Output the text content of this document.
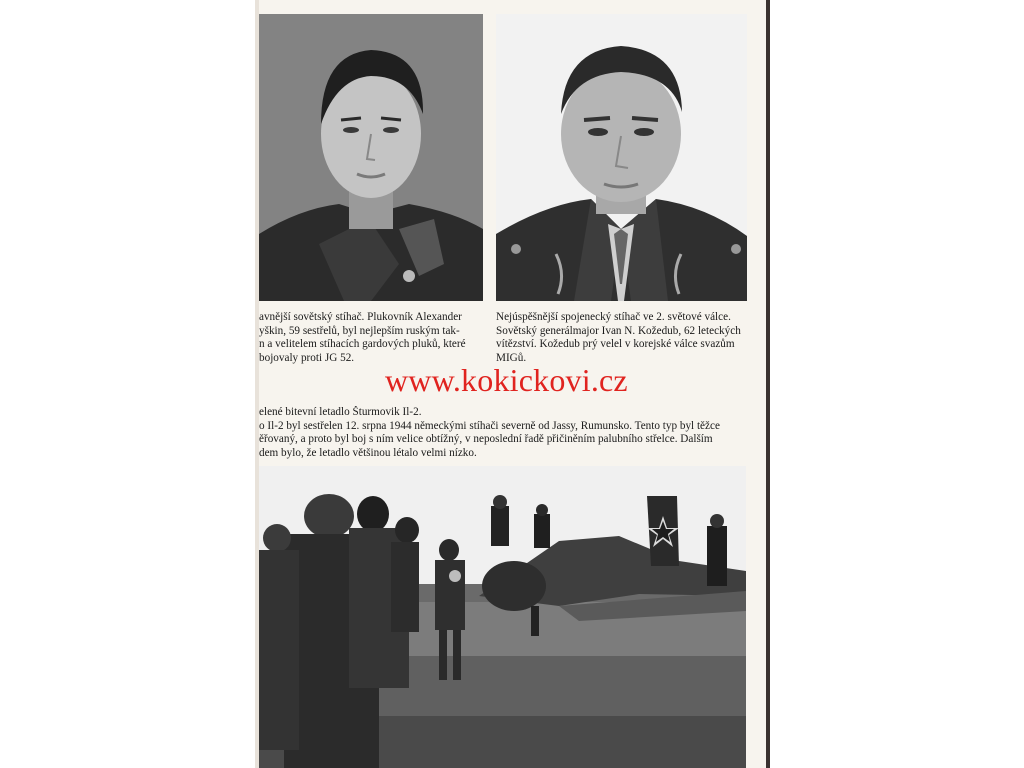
avnější sovětský stíhač. Plukovník Alexander
yškin, 59 sestřelů, byl nejlepším ruským tak-
n a velitelem stíhacích gardových pluků, které
bojovaly proti JG 52.
Nejúspěšnější spojenecký stíhač ve 2. světové válce.
Sovětský generálmajor Ivan N. Kožedub, 62 leteckých
vítězství. Kožedub prý velel v korejské válce svazům
MIGů.
www.kokickovi.cz
elené bitevní letadlo Šturmovik Il-2.
o Il-2 byl sestřelen 12. srpna 1944 německými stíhači severně od Jassy, Rumunsko. Tento typ byl těžce
ěřovaný, a proto byl boj s ním velice obtížný, v neposlední řadě přičiněním palubního střelce. Dalším
dem bylo, že letadlo většinou létalo velmi nízko.
